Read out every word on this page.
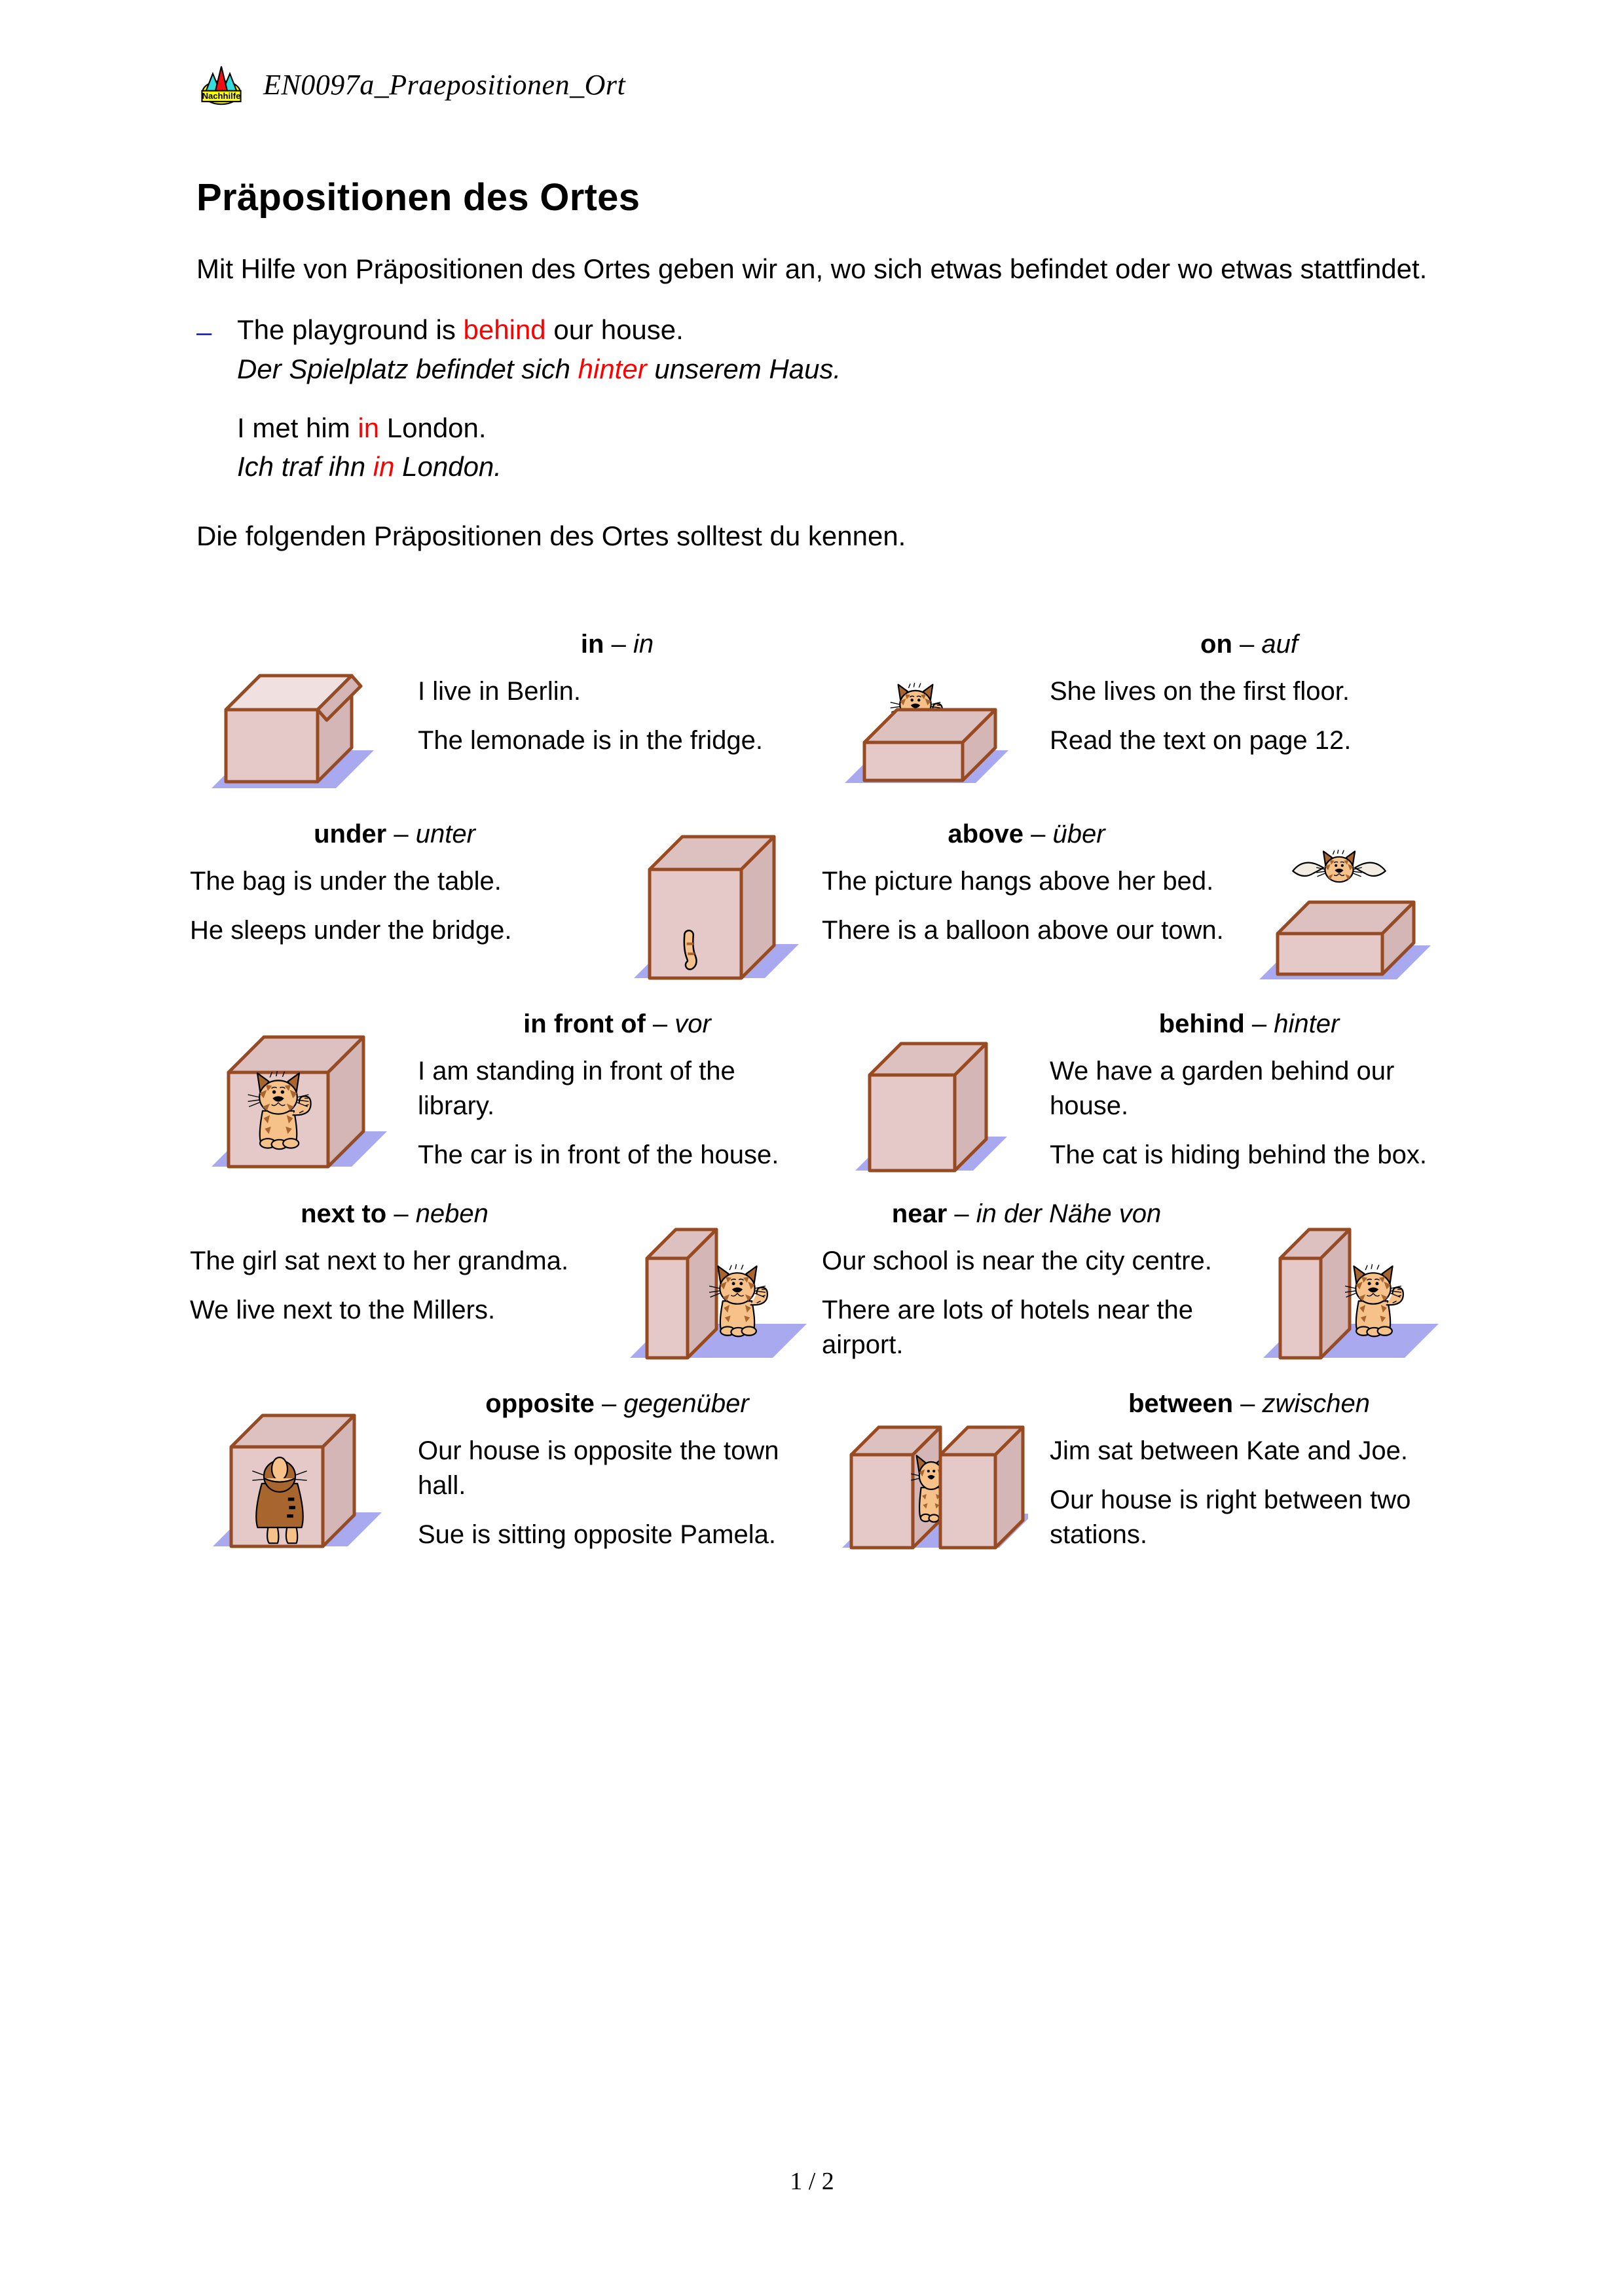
Nachhilfe EN0097a_Praepositionen_Ort
Präpositionen des Ortes

Mit Hilfe von Präpositionen des Ortes geben wir an, wo sich etwas befindet oder wo etwas stattfindet.

– The playground is behind our house.
Der Spielplatz befindet sich hinter unserem Haus.
I met him in London.
Ich traf ihn in London.

Die folgenden Präpositionen des Ortes solltest du kennen.

in – in
I live in Berlin.
The lemonade is in the fridge.
on – auf
She lives on the first floor.
Read the text on page 12.
under – unter
The bag is under the table.
He sleeps under the bridge.
above – über
The picture hangs above her bed.
There is a balloon above our town.
in front of – vor
I am standing in front of the library.
The car is in front of the house.
behind – hinter
We have a garden behind our house.
The cat is hiding behind the box.
next to – neben
The girl sat next to her grandma.
We live next to the Millers.
near – in der Nähe von
Our school is near the city centre.
There are lots of hotels near the airport.
opposite – gegenüber
Our house is opposite the town hall.
Sue is sitting opposite Pamela.
between – zwischen
Jim sat between Kate and Joe.
Our house is right between two stations.
1 / 2
